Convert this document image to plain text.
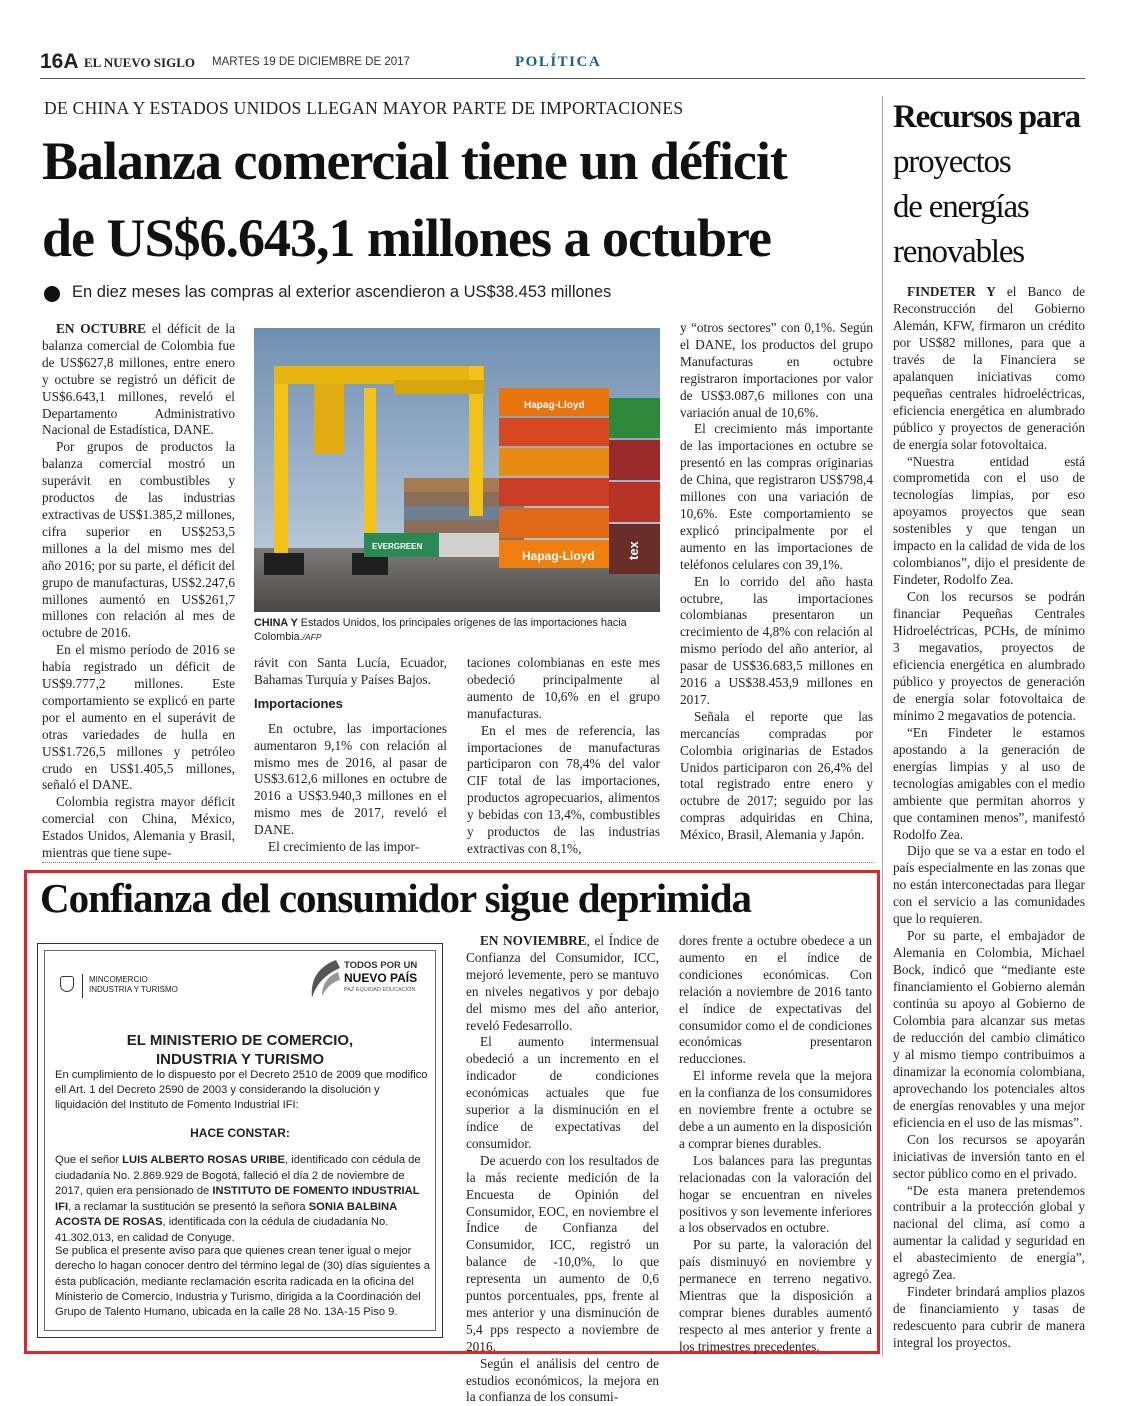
16A EL NUEVO SIGLO MARTES 19 DE DICIEMBRE DE 2017	POLÍTICA
DE CHINA Y ESTADOS UNIDOS LLEGAN MAYOR PARTE DE IMPORTACIONES
Balanza comercial tiene un déficit
de US$6.643,1 millones a octubre
En diez meses las compras al exterior ascendieron a US$38.453 millones

EN OCTUBRE el déficit de la balanza comercial de Colombia fue de US$627,8 millones, entre enero y octubre se registró un déficit de US$6.643,1 millones, reveló el Departamento Administrativo Nacional de Estadística, DANE.

Por grupos de productos la balanza comercial mostró un superávit en combustibles y productos de las industrias extractivas de US$1.385,2 millones, cifra superior en US$253,5 millones a la del mismo mes del año 2016; por su parte, el déficit del grupo de manufacturas, US$2.247,6 millones aumentó en US$261,7 millones con relación al mes de octubre de 2016.

En el mismo período de 2016 se había registrado un déficit de US$9.777,2 millones. Este comportamiento se explicó en parte por el aumento en el superávit de otras variedades de hulla en US$1.726,5 millones y petróleo crudo en US$1.405,5 millones, señaló el DANE.

Colombia registra mayor déficit comercial con China, México, Estados Unidos, Alemania y Brasil, mientras que tiene supe-

Hapag-Lloyd
EVERGREEN
Hapag-Lloyd tex
CHINA Y Estados Unidos, los principales orígenes de las importaciones hacia Colombia./AFP

rávit con Santa Lucía, Ecuador, Bahamas Turquía y Países Bajos.

Importaciones

En octubre, las importaciones aumentaron 9,1% con relación al mismo mes de 2016, al pasar de US$3.612,6 millones en octubre de 2016 a US$3.940,3 millones en el mismo mes de 2017, reveló el DANE.

El crecimiento de las impor-

taciones colombianas en este mes obedeció principalmente al aumento de 10,6% en el grupo manufacturas.

En el mes de referencia, las importaciones de manufacturas participaron con 78,4% del valor CIF total de las importaciones, productos agropecuarios, alimentos y bebidas con 13,4%, combustibles y productos de las industrias extractivas con 8,1%,

y “otros sectores” con 0,1%. Según el DANE, los productos del grupo Manufacturas en octubre registraron importaciones por valor de US$3.087,6 millones con una variación anual de 10,6%.

El crecimiento más importante de las importaciones en octubre se presentó en las compras originarias de China, que registraron US$798,4 millones con una variación de 10,6%. Este comportamiento se explicó principalmente por el aumento en las importaciones de teléfonos celulares con 39,1%.

En lo corrido del año hasta octubre, las importaciones colombianas presentaron un crecimiento de 4,8% con relación al mismo período del año anterior, al pasar de US$36.683,5 millones en 2016 a US$38.453,9 millones en 2017.

Señala el reporte que las mercancías compradas por Colombia originarias de Estados Unidos participaron con 26,4% del total registrado entre enero y octubre de 2017; seguido por las compras adquiridas en China, México, Brasil, Alemania y Japón.

Recursos para
proyectos
de energías
renovables

FINDETER Y el Banco de Reconstrucción del Gobierno Alemán, KFW, firmaron un crédito por US$82 millones, para que a través de la Financiera se apalanquen iniciativas como pequeñas centrales hidroeléctricas, eficiencia energética en alumbrado público y proyectos de generación de energía solar fotovoltaica.

“Nuestra entidad está comprometida con el uso de tecnologías limpias, por eso apoyamos proyectos que sean sostenibles y que tengan un impacto en la calidad de vida de los colombianos”, dijo el presidente de Findeter, Rodolfo Zea.

Con los recursos se podrán financiar Pequeñas Centrales Hidroeléctricas, PCHs, de mínimo 3 megavatios, proyectos de eficiencia energética en alumbrado público y proyectos de generación de energía solar fotovoltaica de mínimo 2 megavatios de potencia.

“En Findeter le estamos apostando a la generación de energías limpias y al uso de tecnologías amigables con el medio ambiente que permitan ahorros y que contaminen menos”, manifestó Rodolfo Zea.

Dijo que se va a estar en todo el país especialmente en las zonas que no están interconectadas para llegar con el servicio a las comunidades que lo requieren.

Por su parte, el embajador de Alemania en Colombia, Michael Bock, indicó que “mediante este financiamiento el Gobierno alemán continúa su apoyo al Gobierno de Colombia para alcanzar sus metas de reducción del cambio climático y al mismo tiempo contribuimos a dinamizar la economía colombiana, aprovechando los potenciales altos de energías renovables y una mejor eficiencia en el uso de las mismas”.

Con los recursos se apoyarán iniciativas de inversión tanto en el sector público como en el privado.

“De esta manera pretendemos contribuir a la protección global y nacional del clima, así como a aumentar la calidad y seguridad en el abastecimiento de energía”, agregó Zea.

Findeter brindará amplios plazos de financiamiento y tasas de redescuento para cubrir de manera integral los proyectos.

Confianza del consumidor sigue deprimida
MINCOMERCIO
INDUSTRIA Y TURISMO
TODOS POR UN
NUEVO PAÍS
PAZ EQUIDAD EDUCACIÓN
EL MINISTERIO DE COMERCIO,
INDUSTRIA Y TURISMO
En cumplimiento de lo dispuesto por el Decreto 2510 de 2009 que modifico ell Art. 1 del Decreto 2590 de 2003 y considerando la disolución y liquidación del Instituto de Fomento Industrial IFI:
HACE CONSTAR:
Que el señor LUIS ALBERTO ROSAS URIBE, identificado con cédula de ciudadanía No. 2.869.929 de Bogotá, falleció el día 2 de noviembre de 2017, quien era pensionado de INSTITUTO DE FOMENTO INDUSTRIAL IFI, a reclamar la sustitución se presentó la señora SONIA BALBINA ACOSTA DE ROSAS, identificada con la cédula de ciudadanía No. 41.302.013, en calidad de Conyuge.
Se publica el presente aviso para que quienes crean tener igual o mejor derecho lo hagan conocer dentro del término legal de (30) días siguientes a ésta publicación, mediante reclamación escrita radicada en la oficina del Ministerio de Comercio, Industria y Turismo, dirigida a la Coordinación del Grupo de Talento Humano, ubicada en la calle 28 No. 13A-15 Piso 9.

EN NOVIEMBRE, el Índice de Confianza del Consumidor, ICC, mejoró levemente, pero se mantuvo en niveles negativos y por debajo del mismo mes del año anterior, reveló Fedesarrollo.

El aumento intermensual obedeció a un incremento en el indicador de condiciones económicas actuales que fue superior a la disminución en el índice de expectativas del consumidor.

De acuerdo con los resultados de la más reciente medición de la Encuesta de Opinión del Consumidor, EOC, en noviembre el Índice de Confianza del Consumidor, ICC, registró un balance de -10,0%, lo que representa un aumento de 0,6 puntos porcentuales, pps, frente al mes anterior y una disminución de 5,4 pps respecto a noviembre de 2016.

Según el análisis del centro de estudios económicos, la mejora en la confianza de los consumi-

dores frente a octubre obedece a un aumento en el índice de condiciones económicas. Con relación a noviembre de 2016 tanto el índice de expectativas del consumidor como el de condiciones económicas presentaron reducciones.

El informe revela que la mejora en la confianza de los consumidores en noviembre frente a octubre se debe a un aumento en la disposición a comprar bienes durables.

Los balances para las preguntas relacionadas con la valoración del hogar se encuentran en niveles positivos y son levemente inferiores a los observados en octubre.

Por su parte, la valoración del país disminuyó en noviembre y permanece en terreno negativo. Mientras que la disposición a comprar bienes durables aumentó respecto al mes anterior y frente a los trimestres precedentes.
